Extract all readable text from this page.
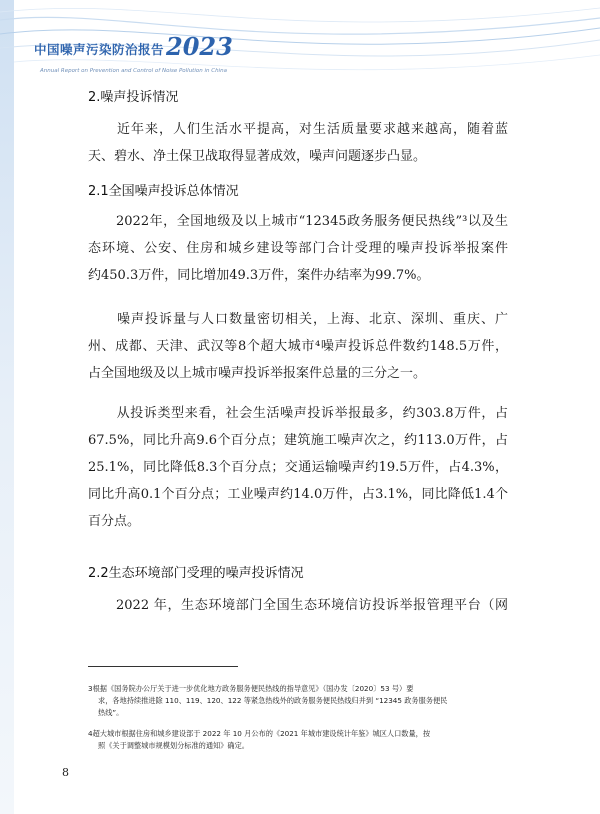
中国噪声污染防治报告 2023
Annual Report on Prevention and Control of Noise Pollution in China
2.噪声投诉情况
近年来，人们生活水平提高，对生活质量要求越来越高，随着蓝
天、碧水、净土保卫战取得显著成效，噪声问题逐步凸显。
2.1全国噪声投诉总体情况
2022年，全国地级及以上城市“12345政务服务便民热线”³以及生
态环境、公安、住房和城乡建设等部门合计受理的噪声投诉举报案件
约450.3万件，同比增加49.3万件，案件办结率为99.7%。
噪声投诉量与人口数量密切相关，上海、北京、深圳、重庆、广
州、成都、天津、武汉等8个超大城市⁴噪声投诉总件数约148.5万件，
占全国地级及以上城市噪声投诉举报案件总量的三分之一。
从投诉类型来看，社会生活噪声投诉举报最多，约303.8万件，占
67.5%，同比升高9.6个百分点；建筑施工噪声次之，约113.0万件，占
25.1%，同比降低8.3个百分点；交通运输噪声约19.5万件，占4.3%，
同比升高0.1个百分点；工业噪声约14.0万件，占3.1%，同比降低1.4个
百分点。
2.2生态环境部门受理的噪声投诉情况
2022 年，生态环境部门全国生态环境信访投诉举报管理平台（网
3根据《国务院办公厅关于进一步优化地方政务服务便民热线的指导意见》（国办发〔2020〕53 号）要
求，各地持续推进除 110、119、120、122 等紧急热线外的政务服务便民热线归并到 “12345 政务服务便民
热线”。
4超大城市根据住房和城乡建设部于 2022 年 10 月公布的《2021 年城市建设统计年鉴》城区人口数量，按
照《关于调整城市规模划分标准的通知》确定。
8
